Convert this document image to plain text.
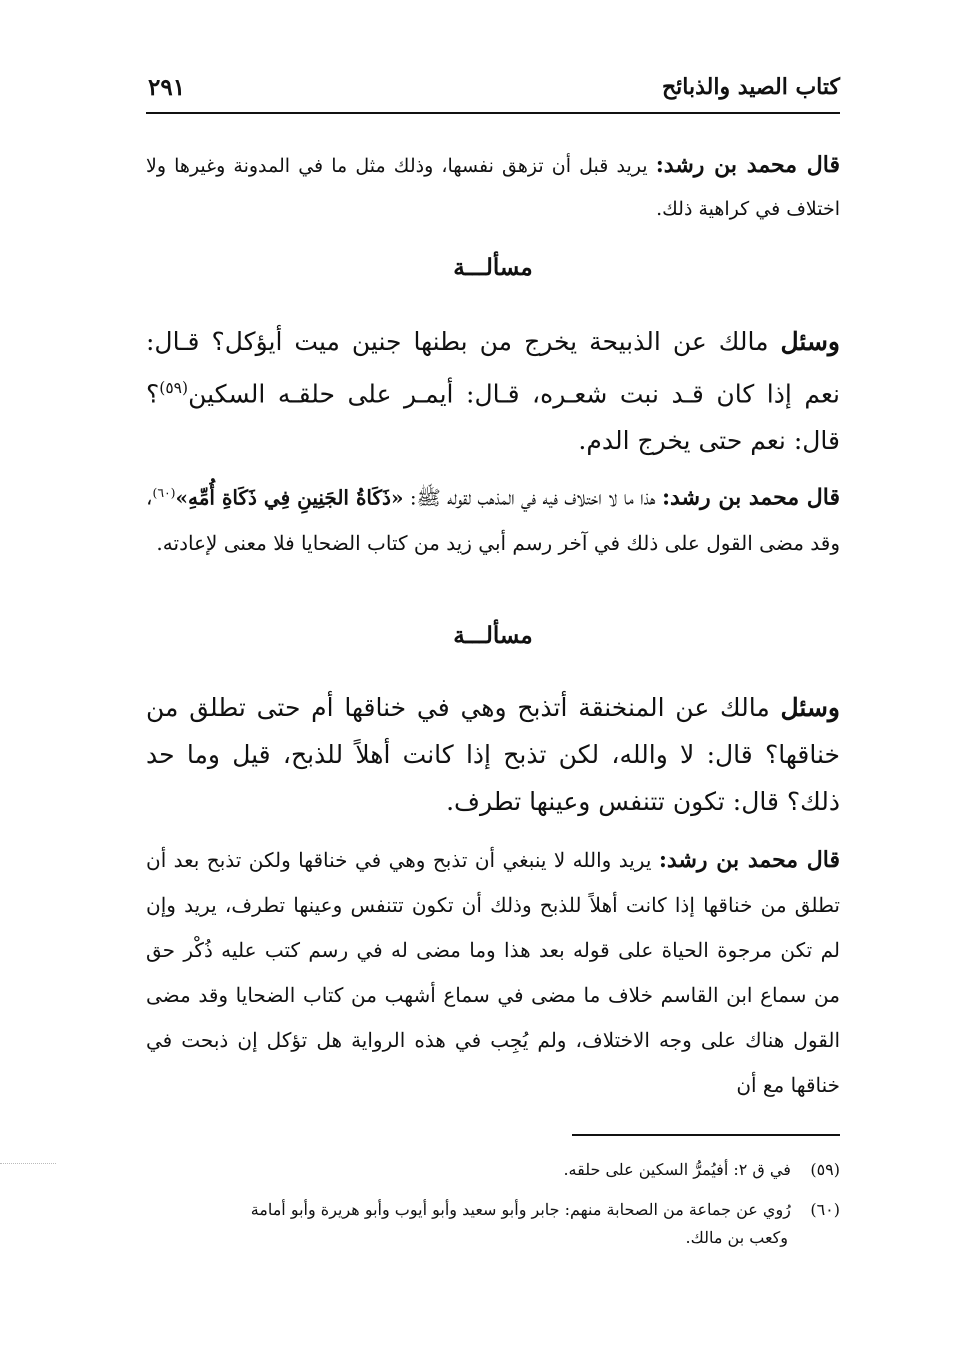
كتاب الصيد والذبائح
٢٩١

قال محمد بن رشد: يريد قبل أن تزهق نفسها، وذلك مثل ما في المدونة وغيرها ولا اختلاف في كراهية ذلك.

مسألـــة

وسئل مالك عن الذبيحة يخرج من بطنها جنين ميت أيؤكل؟ قـال: نعم إذا كان قـد نبت شعـره، قـال: أيمـر على حلقـه السكين$^{(٥٩)}$؟ قال: نعم حتى يخرج الدم.

قال محمد بن رشد: هذا ما لا اختلاف فيه في المذهب لقوله ﷺ: «ذَكَاةُ الجَنِينِ فِي ذَكَاةِ أُمِّهِ»$^{(٦٠)}$، وقد مضى القول على ذلك في آخر رسم أبي زيد من كتاب الضحايا فلا معنى لإعادته.

مسألـــة

وسئل مالك عن المنخنقة أتذبح وهي في خناقها أم حتى تطلق من خناقها؟ قال: لا والله، لكن تذبح إذا كانت أهلاً للذبح، قيل وما حد ذلك؟ قال: تكون تتنفس وعينها تطرف.

قال محمد بن رشد: يريد والله لا ينبغي أن تذبح وهي في خناقها ولكن تذبح بعد أن تطلق من خناقها إذا كانت أهلاً للذبح وذلك أن تكون تتنفس وعينها تطرف، يريد وإن لم تكن مرجوة الحياة على قوله بعد هذا وما مضى له في رسم كتب عليه ذُكْر حق من سماع ابن القاسم خلاف ما مضى في سماع أشهب من كتاب الضحايا وقد مضى القول هناك على وجه الاختلاف، ولم يُجِب في هذه الرواية هل تؤكل إن ذبحت في خناقها مع أن

(٥٩) في ق ٢: أفيُمرُّ السكين على حلقه.
(٦٠) رُوي عن جماعة من الصحابة منهم: جابر وأبو سعيد وأبو أيوب وأبو هريرة وأبو أمامة
وكعب بن مالك.
